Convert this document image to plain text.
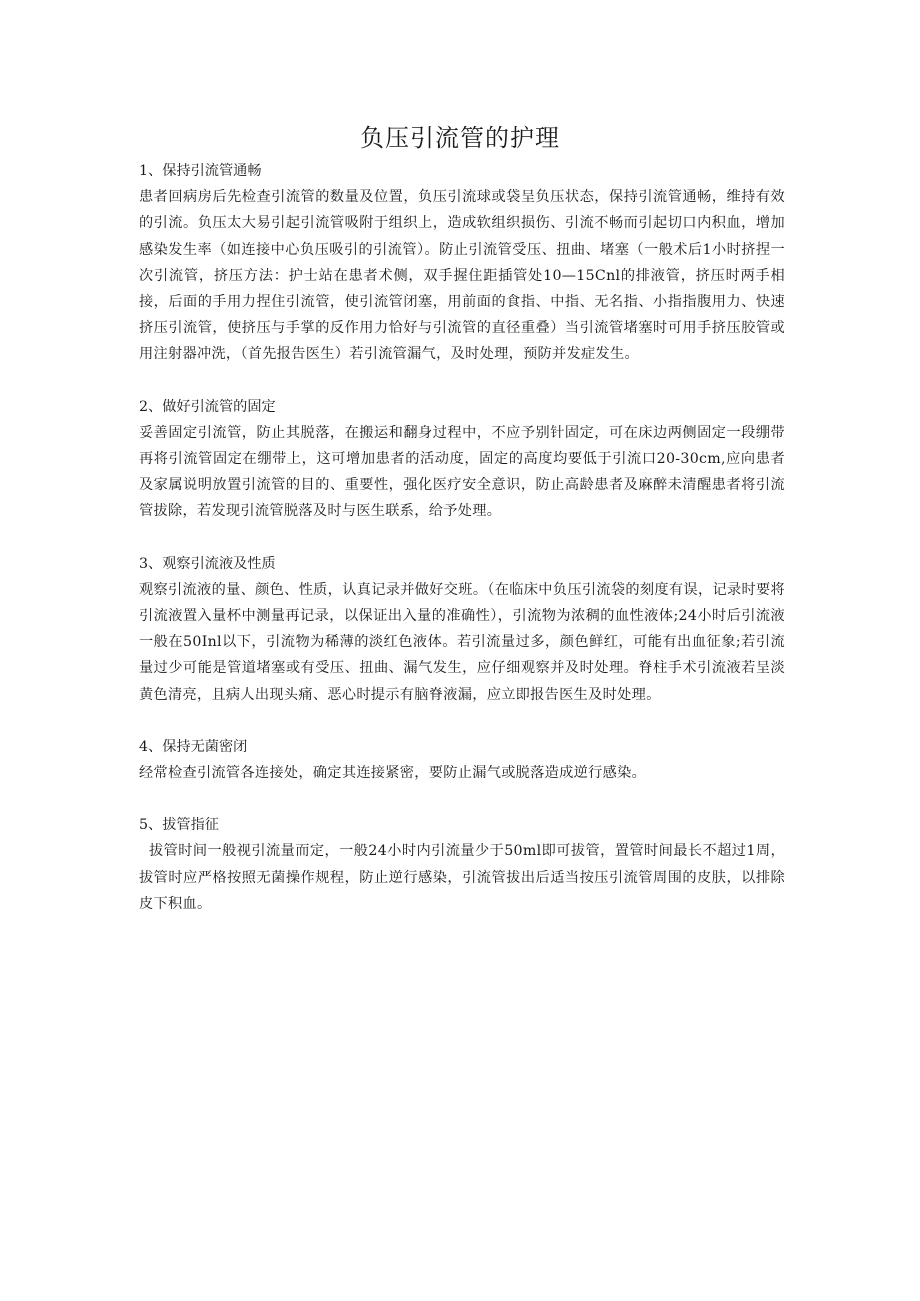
负压引流管的护理

1、保持引流管通畅

患者回病房后先检查引流管的数量及位置，负压引流球或袋呈负压状态，保持引流管通畅，维持有效的引流。负压太大易引起引流管吸附于组织上，造成软组织损伤、引流不畅而引起切口内积血，增加感染发生率（如连接中心负压吸引的引流管）。防止引流管受压、扭曲、堵塞（一般术后1小时挤捏一次引流管，挤压方法：护士站在患者术侧，双手握住距插管处10—15Cnl的排液管，挤压时两手相接，后面的手用力捏住引流管，使引流管闭塞，用前面的食指、中指、无名指、小指指腹用力、快速挤压引流管，使挤压与手掌的反作用力恰好与引流管的直径重叠）当引流管堵塞时可用手挤压胶管或用注射器冲洗，（首先报告医生）若引流管漏气，及时处理，预防并发症发生。

2、做好引流管的固定

妥善固定引流管，防止其脱落，在搬运和翻身过程中，不应予别针固定，可在床边两侧固定一段绷带再将引流管固定在绷带上，这可增加患者的活动度，固定的高度均要低于引流口20-30cm,应向患者及家属说明放置引流管的目的、重要性，强化医疗安全意识，防止高龄患者及麻醉未清醒患者将引流管拔除，若发现引流管脱落及时与医生联系，给予处理。

3、观察引流液及性质

观察引流液的量、颜色、性质，认真记录并做好交班。（在临床中负压引流袋的刻度有误，记录时要将引流液置入量杯中测量再记录，以保证出入量的准确性），引流物为浓稠的血性液体;24小时后引流液一般在50Inl以下，引流物为稀薄的淡红色液体。若引流量过多，颜色鲜红，可能有出血征象;若引流量过少可能是管道堵塞或有受压、扭曲、漏气发生，应仔细观察并及时处理。脊柱手术引流液若呈淡黄色清亮，且病人出现头痛、恶心时提示有脑脊液漏，应立即报告医生及时处理。

4、保持无菌密闭

经常检查引流管各连接处，确定其连接紧密，要防止漏气或脱落造成逆行感染。

5、拔管指征

拔管时间一般视引流量而定，一般24小时内引流量少于50ml即可拔管，置管时间最长不超过1周，拔管时应严格按照无菌操作规程，防止逆行感染，引流管拔出后适当按压引流管周围的皮肤，以排除皮下积血。
